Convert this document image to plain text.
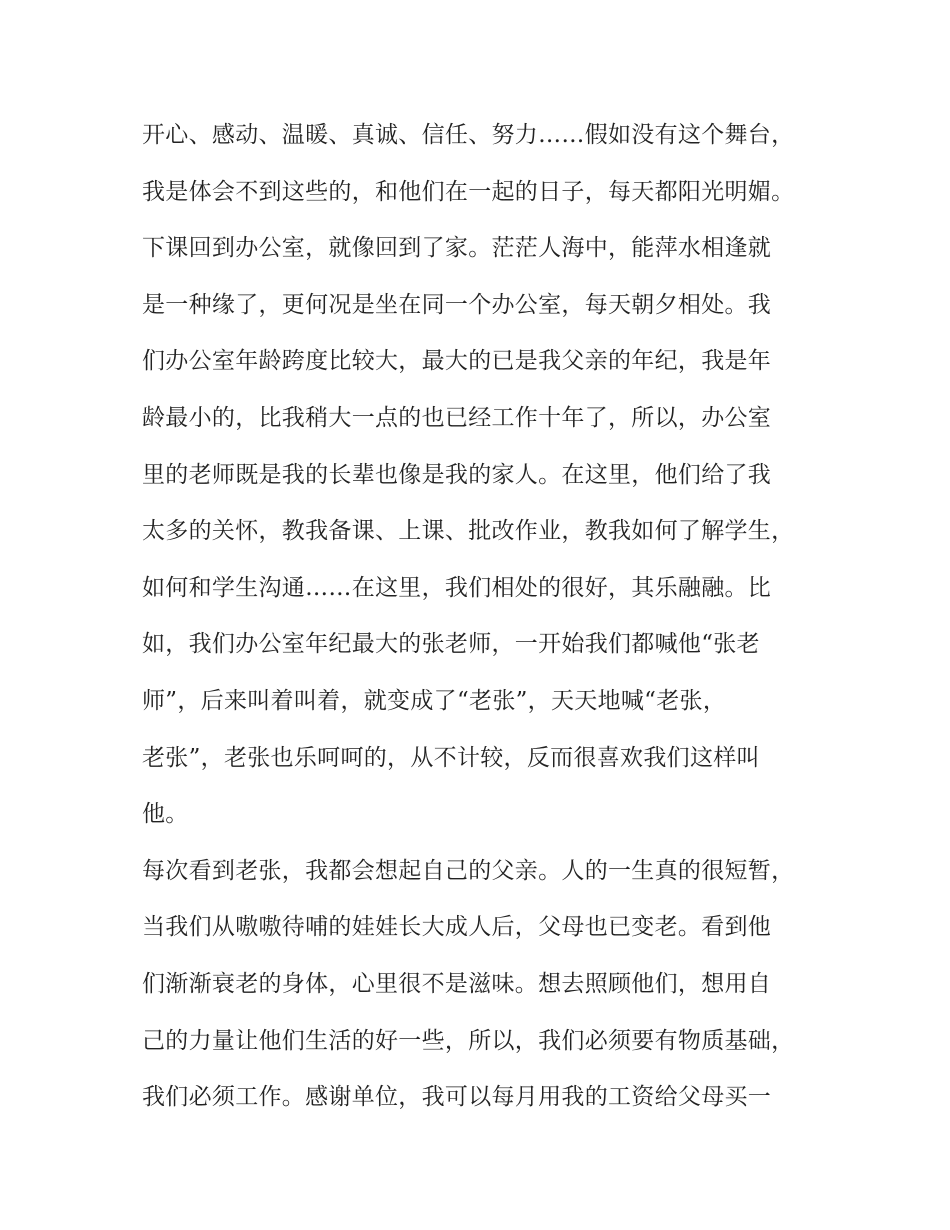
开心、感动、温暖、真诚、信任、努力……假如没有这个舞台，
我是体会不到这些的，和他们在一起的日子，每天都阳光明媚。
下课回到办公室，就像回到了家。茫茫人海中，能萍水相逢就
是一种缘了，更何况是坐在同一个办公室，每天朝夕相处。我
们办公室年龄跨度比较大，最大的已是我父亲的年纪，我是年
龄最小的，比我稍大一点的也已经工作十年了，所以，办公室
里的老师既是我的长辈也像是我的家人。在这里，他们给了我
太多的关怀，教我备课、上课、批改作业，教我如何了解学生，
如何和学生沟通……在这里，我们相处的很好，其乐融融。比
如，我们办公室年纪最大的张老师，一开始我们都喊他“张老
师”，后来叫着叫着，就变成了“老张”，天天地喊“老张，
老张”，老张也乐呵呵的，从不计较，反而很喜欢我们这样叫
他。
每次看到老张，我都会想起自己的父亲。人的一生真的很短暂，
当我们从嗷嗷待哺的娃娃长大成人后，父母也已变老。看到他
们渐渐衰老的身体，心里很不是滋味。想去照顾他们，想用自
己的力量让他们生活的好一些，所以，我们必须要有物质基础，
我们必须工作。感谢单位，我可以每月用我的工资给父母买一
